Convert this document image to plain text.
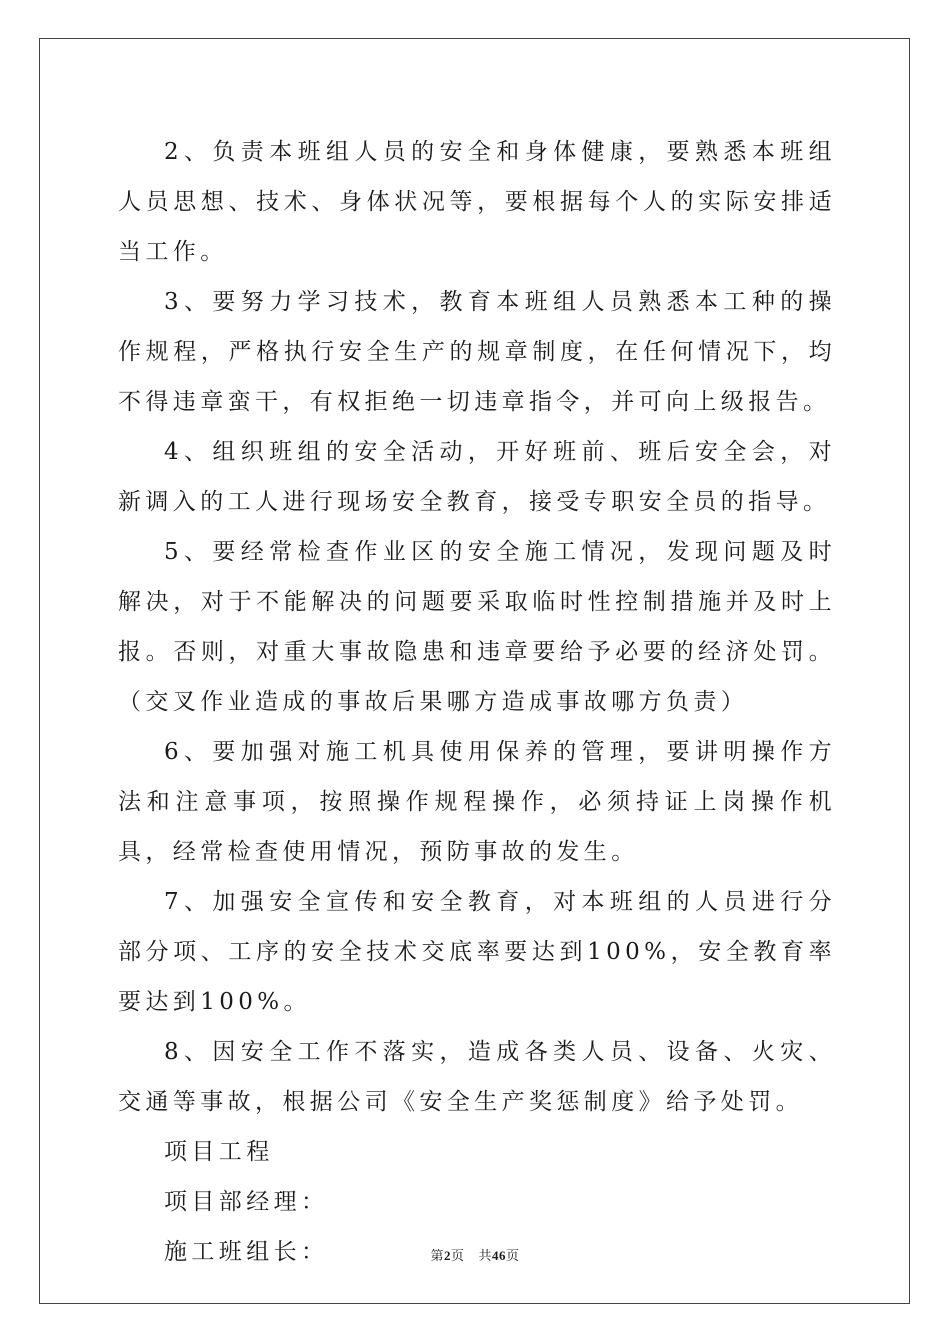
2、负责本班组人员的安全和身体健康，要熟悉本班组人员思想、技术、身体状况等，要根据每个人的实际安排适当工作。

3、要努力学习技术，教育本班组人员熟悉本工种的操作规程，严格执行安全生产的规章制度，在任何情况下，均不得违章蛮干，有权拒绝一切违章指令，并可向上级报告。

4、组织班组的安全活动，开好班前、班后安全会，对新调入的工人进行现场安全教育，接受专职安全员的指导。

5、要经常检查作业区的安全施工情况，发现问题及时解决，对于不能解决的问题要采取临时性控制措施并及时上报。否则，对重大事故隐患和违章要给予必要的经济处罚。（交叉作业造成的事故后果哪方造成事故哪方负责）

6、要加强对施工机具使用保养的管理，要讲明操作方法和注意事项，按照操作规程操作，必须持证上岗操作机具，经常检查使用情况，预防事故的发生。

7、加强安全宣传和安全教育，对本班组的人员进行分部分项、工序的安全技术交底率要达到100%，安全教育率要达到100%。

8、因安全工作不落实，造成各类人员、设备、火灾、交通等事故，根据公司《安全生产奖惩制度》给予处罚。

项目工程

项目部经理：

施工班组长：	第2页 共46页
